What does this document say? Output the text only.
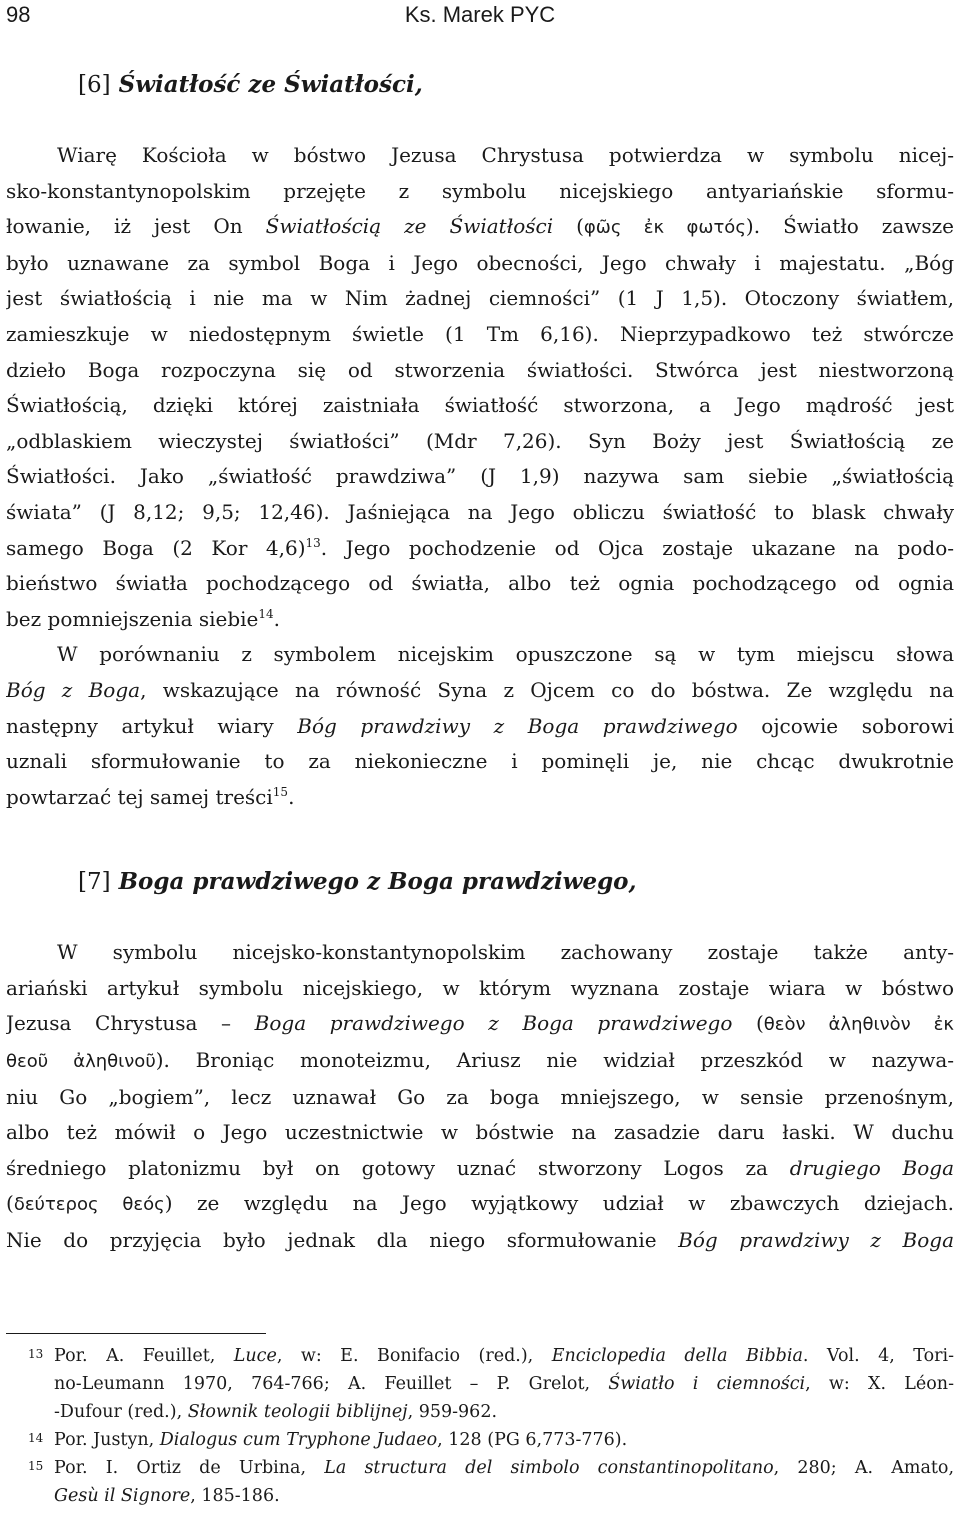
98	Ks. Marek PYC
[6] Światłość ze Światłości,
Wiarę Kościoła w bóstwo Jezusa Chrystusa potwierdza w symbolu nicej-
sko-konstantynopolskim przejęte z symbolu nicejskiego antyariańskie sformu-
łowanie, iż jest On Światłością ze Światłości (φῶς ἐκ φωτός). Światło zawsze
było uznawane za symbol Boga i Jego obecności, Jego chwały i majestatu. „Bóg
jest światłością i nie ma w Nim żadnej ciemności” (1 J 1,5). Otoczony światłem,
zamieszkuje w niedostępnym świetle (1 Tm 6,16). Nieprzypadkowo też stwórcze
dzieło Boga rozpoczyna się od stworzenia światłości. Stwórca jest niestworzoną
Światłością, dzięki której zaistniała światłość stworzona, a Jego mądrość jest
„odblaskiem wieczystej światłości” (Mdr 7,26). Syn Boży jest Światłością ze
Światłości. Jako „światłość prawdziwa” (J 1,9) nazywa sam siebie „światłością
świata” (J 8,12; 9,5; 12,46). Jaśniejąca na Jego obliczu światłość to blask chwały
samego Boga (2 Kor 4,6)$^{13}$. Jego pochodzenie od Ojca zostaje ukazane na podo-
bieństwo światła pochodzącego od światła, albo też ognia pochodzącego od ognia
bez pomniejszenia siebie$^{14}$.
W porównaniu z symbolem nicejskim opuszczone są w tym miejscu słowa
Bóg z Boga, wskazujące na równość Syna z Ojcem co do bóstwa. Ze względu na
następny artykuł wiary Bóg prawdziwy z Boga prawdziwego ojcowie soborowi
uznali sformułowanie to za niekonieczne i pominęli je, nie chcąc dwukrotnie
powtarzać tej samej treści$^{15}$.
[7] Boga prawdziwego z Boga prawdziwego,
W symbolu nicejsko-konstantynopolskim zachowany zostaje także anty-
ariański artykuł symbolu nicejskiego, w którym wyznana zostaje wiara w bóstwo
Jezusa Chrystusa – Boga prawdziwego z Boga prawdziwego (θεὸν ἀληθινὸν ἐκ
θεοῦ ἀληθινοῦ). Broniąc monoteizmu, Ariusz nie widział przeszkód w nazywa-
niu Go „bogiem”, lecz uznawał Go za boga mniejszego, w sensie przenośnym,
albo też mówił o Jego uczestnictwie w bóstwie na zasadzie daru łaski. W duchu
średniego platonizmu był on gotowy uznać stworzony Logos za drugiego Boga
(δεύτερος θεός) ze względu na Jego wyjątkowy udział w zbawczych dziejach.
Nie do przyjęcia było jednak dla niego sformułowanie Bóg prawdziwy z Boga
13 Por. A. Feuillet, Luce, w: E. Bonifacio (red.), Enciclopedia della Bibbia. Vol. 4, Tori-
no-Leumann 1970, 764-766; A. Feuillet – P. Grelot, Światło i ciemności, w: X. Léon-
-Dufour (red.), Słownik teologii biblijnej, 959-962.
14 Por. Justyn, Dialogus cum Tryphone Judaeo, 128 (PG 6,773-776).
15 Por. I. Ortiz de Urbina, La structura del simbolo constantinopolitano, 280; A. Amato,
Gesù il Signore, 185-186.
